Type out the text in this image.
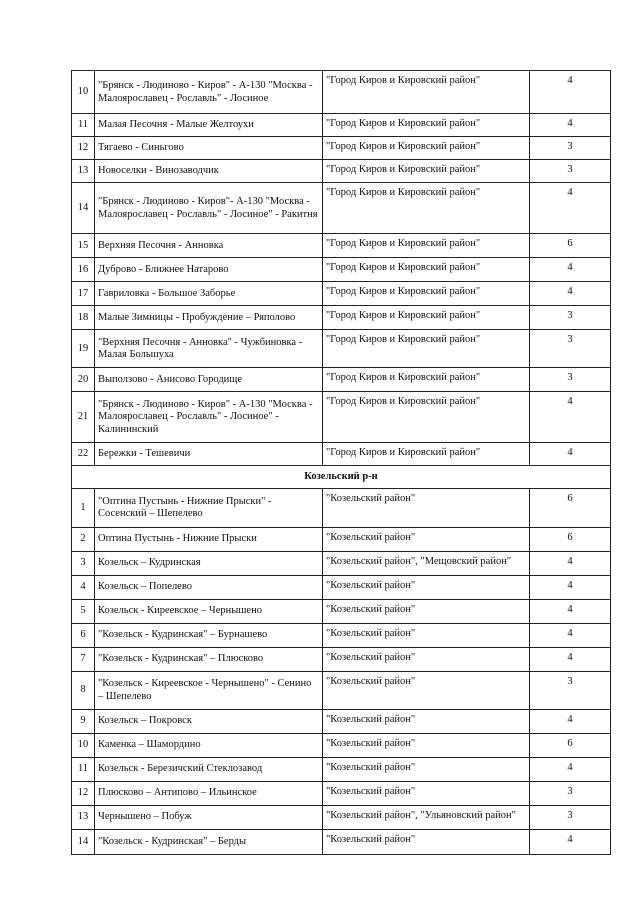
10	"Брянск - Людиново - Киров" - А-130 "Москва - Малоярославец - Рославль" - Лосиное	"Город Киров и Кировский район"	4
11	Малая Песочня - Малые Желтоухи	"Город Киров и Кировский район"	4
12	Тягаево - Синьгово	"Город Киров и Кировский район"	3
13	Новоселки - Винозаводчик	"Город Киров и Кировский район"	3
14	"Брянск - Людиново - Киров"- А-130 "Москва - Малоярославец - Рославль" - Лосиное" - Ракитня	"Город Киров и Кировский район"	4
15	Верхняя Песочня - Анновка	"Город Киров и Кировский район"	6
16	Дуброво - Ближнее Натарово	"Город Киров и Кировский район"	4
17	Гавриловка - Большое Заборье	"Город Киров и Кировский район"	4
18	Малые Зимницы - Пробуждение – Ряполово	"Город Киров и Кировский район"	3
19	"Верхняя Песочня - Анновка" - Чужбиновка - Малая Большуха	"Город Киров и Кировский район"	3
20	Выползово - Анисово Городище	"Город Киров и Кировский район"	3
21	"Брянск - Людиново - Киров" - А-130 "Москва - Малоярославец - Рославль" - Лосиное" - Калининский	"Город Киров и Кировский район"	4
22	Бережки - Тешевичи	"Город Киров и Кировский район"	4
Козельский р-н			
1	"Оптина Пустынь - Нижние Прыски" - Сосенский – Шепелево	"Козельский район"	6
2	Оптина Пустынь - Нижние Прыски	"Козельский район"	6
3	Козельск – Кудринская	"Козельский район", "Мещовский район"	4
4	Козельск – Попелево	"Козельский район"	4
5	Козельск - Киреевское – Чернышено	"Козельский район"	4
6	"Козельск - Кудринская" – Бурнашево	"Козельский район"	4
7	"Козельск - Кудринская" – Плюсково	"Козельский район"	4
8	"Козельск - Киреевское - Чернышено" - Сенино – Шепелево	"Козельский район"	3
9	Козельск – Покровск	"Козельский район"	4
10	Каменка – Шамордино	"Козельский район"	6
11	Козельск - Березичский Стеклозавод	"Козельский район"	4
12	Плюсково – Антипово – Ильинское	"Козельский район"	3
13	Чернышено – Побуж	"Козельский район", "Ульяновский район"	3
14	"Козельск - Кудринская" – Берды	"Козельский район"	4
